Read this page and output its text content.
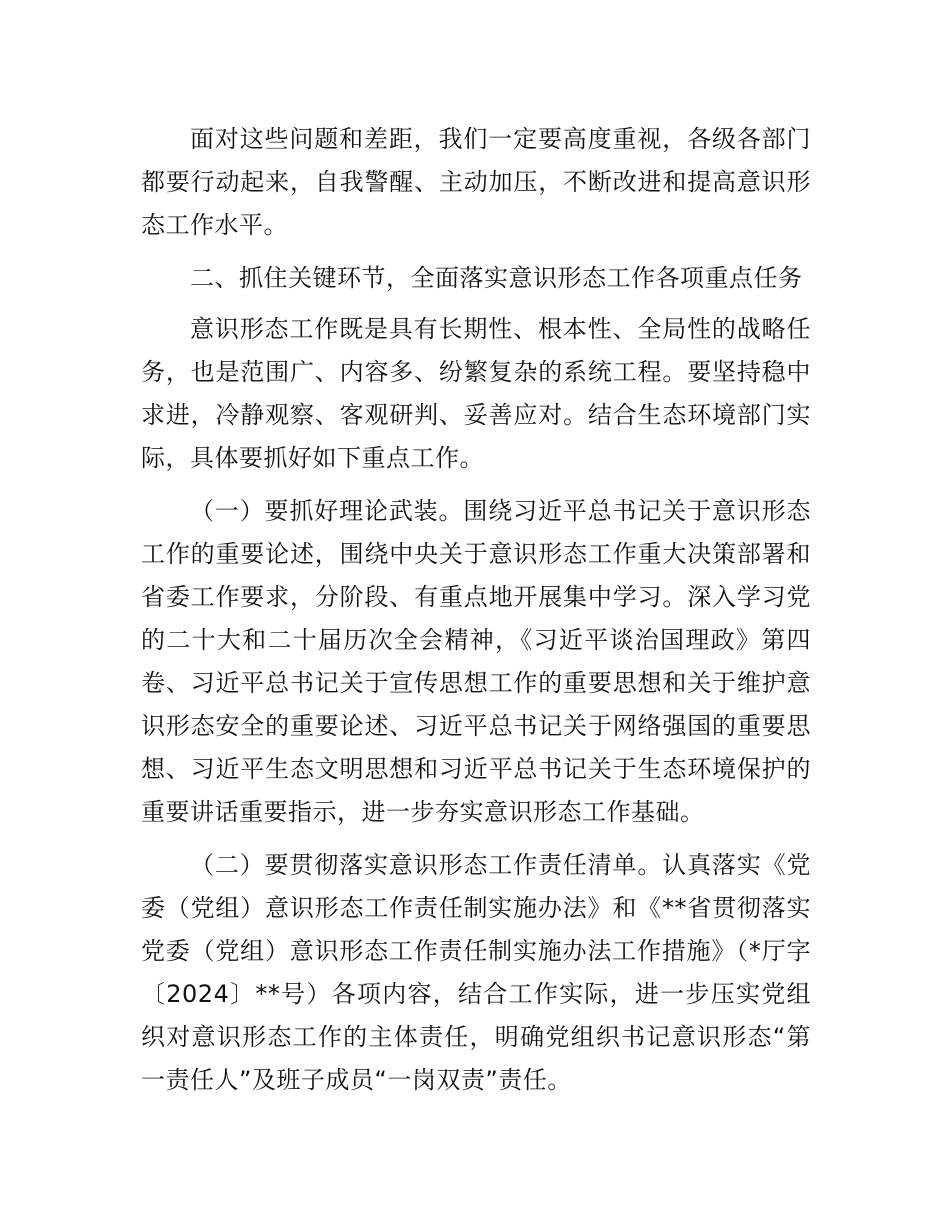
面对这些问题和差距，我们一定要高度重视，各级各部门都要行动起来，自我警醒、主动加压，不断改进和提高意识形态工作水平。

二、抓住关键环节，全面落实意识形态工作各项重点任务

意识形态工作既是具有长期性、根本性、全局性的战略任务，也是范围广、内容多、纷繁复杂的系统工程。要坚持稳中求进，冷静观察、客观研判、妥善应对。结合生态环境部门实际，具体要抓好如下重点工作。

（一）要抓好理论武装。围绕习近平总书记关于意识形态工作的重要论述，围绕中央关于意识形态工作重大决策部署和省委工作要求，分阶段、有重点地开展集中学习。深入学习党的二十大和二十届历次全会精神，《习近平谈治国理政》第四卷、习近平总书记关于宣传思想工作的重要思想和关于维护意识形态安全的重要论述、习近平总书记关于网络强国的重要思想、习近平生态文明思想和习近平总书记关于生态环境保护的重要讲话重要指示，进一步夯实意识形态工作基础。

（二）要贯彻落实意识形态工作责任清单。认真落实《党委（党组）意识形态工作责任制实施办法》和《**省贯彻落实党委（党组）意识形态工作责任制实施办法工作措施》（*厅字〔2024〕**号）各项内容，结合工作实际，进一步压实党组织对意识形态工作的主体责任，明确党组织书记意识形态“第一责任人”及班子成员“一岗双责”责任。
